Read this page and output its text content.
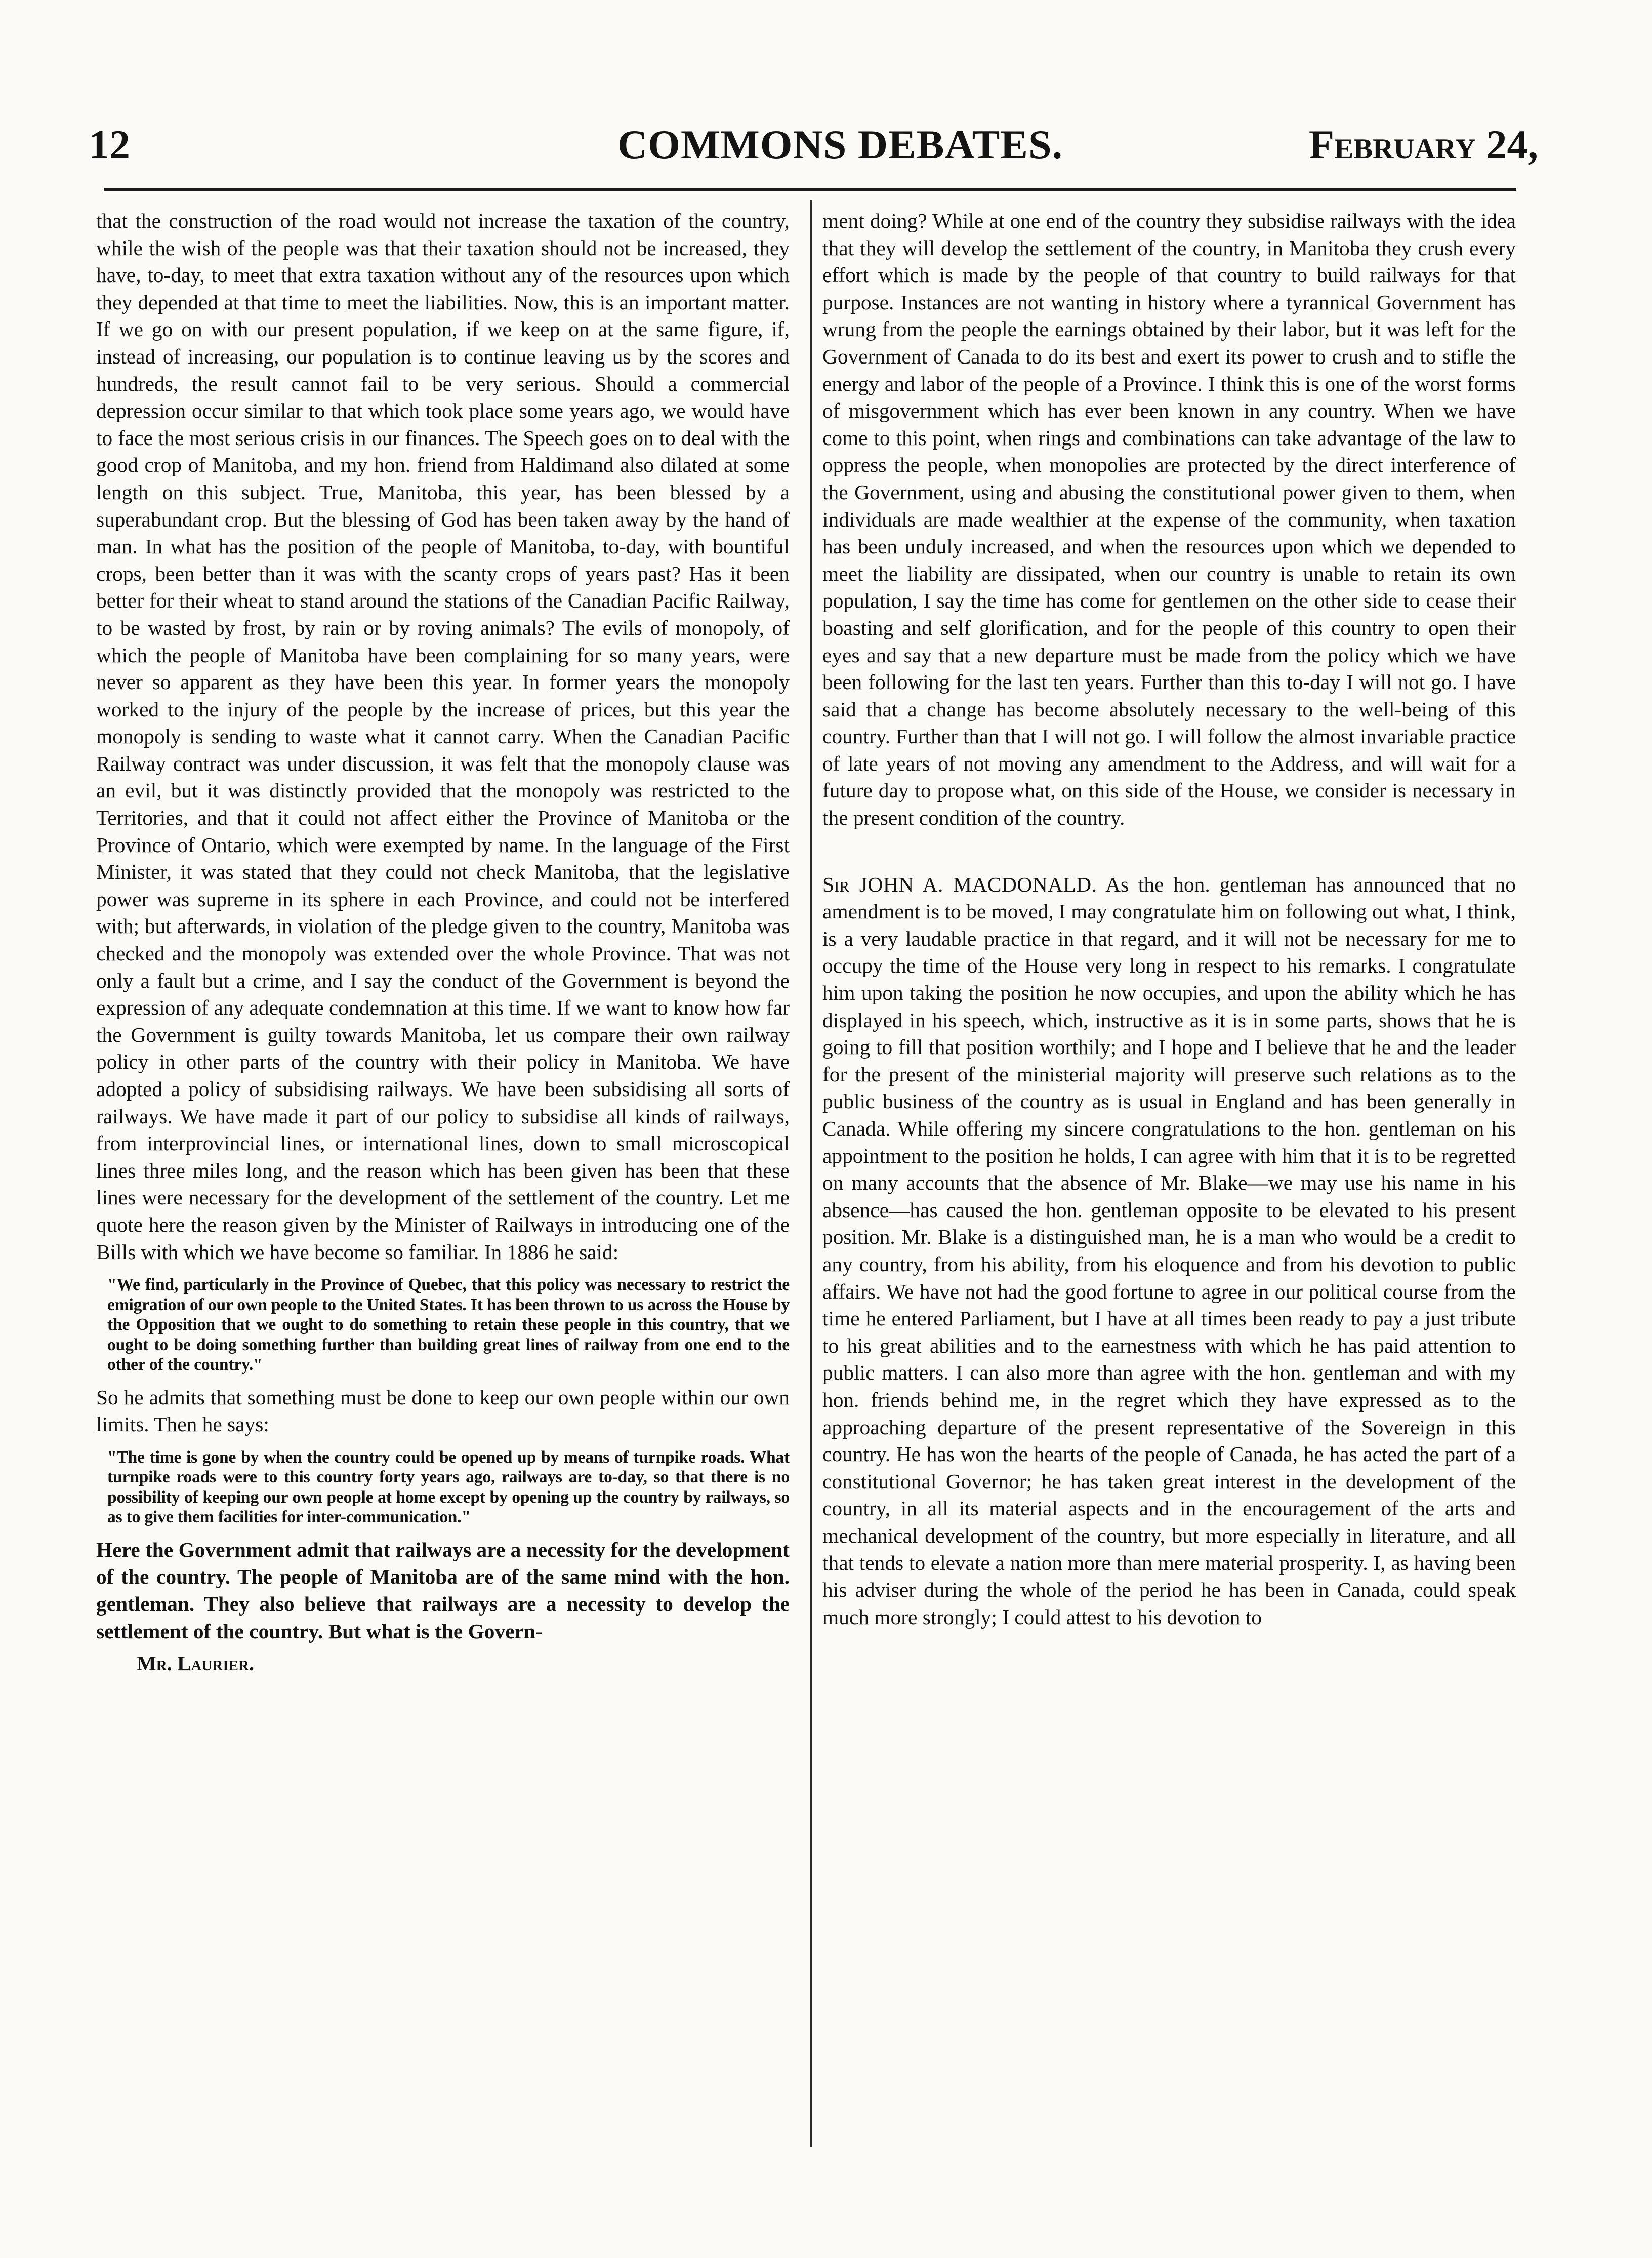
12	COMMONS DEBATES.	February 24,

that the construction of the road would not increase the taxation of the country, while the wish of the people was that their taxation should not be increased, they have, to-day, to meet that extra taxation without any of the resources upon which they depended at that time to meet the liabilities. Now, this is an important matter. If we go on with our present population, if we keep on at the same figure, if, instead of increasing, our population is to continue leaving us by the scores and hundreds, the result cannot fail to be very serious. Should a commercial depression occur similar to that which took place some years ago, we would have to face the most serious crisis in our finances. The Speech goes on to deal with the good crop of Manitoba, and my hon. friend from Haldimand also dilated at some length on this subject. True, Manitoba, this year, has been blessed by a superabundant crop. But the blessing of God has been taken away by the hand of man. In what has the position of the people of Manitoba, to-day, with bountiful crops, been better than it was with the scanty crops of years past? Has it been better for their wheat to stand around the stations of the Canadian Pacific Railway, to be wasted by frost, by rain or by roving animals? The evils of monopoly, of which the people of Manitoba have been complaining for so many years, were never so apparent as they have been this year. In former years the monopoly worked to the injury of the people by the increase of prices, but this year the monopoly is sending to waste what it cannot carry. When the Canadian Pacific Railway contract was under discussion, it was felt that the monopoly clause was an evil, but it was distinctly provided that the monopoly was restricted to the Territories, and that it could not affect either the Province of Manitoba or the Province of Ontario, which were exempted by name. In the language of the First Minister, it was stated that they could not check Manitoba, that the legislative power was supreme in its sphere in each Province, and could not be interfered with; but afterwards, in violation of the pledge given to the country, Manitoba was checked and the monopoly was extended over the whole Province. That was not only a fault but a crime, and I say the conduct of the Government is beyond the expression of any adequate condemnation at this time. If we want to know how far the Government is guilty towards Manitoba, let us compare their own railway policy in other parts of the country with their policy in Manitoba. We have adopted a policy of subsidising railways. We have been subsidising all sorts of railways. We have made it part of our policy to subsidise all kinds of railways, from interprovincial lines, or international lines, down to small microscopical lines three miles long, and the reason which has been given has been that these lines were necessary for the development of the settlement of the country. Let me quote here the reason given by the Minister of Railways in introducing one of the Bills with which we have become so familiar. In 1886 he said:

"We find, particularly in the Province of Quebec, that this policy was necessary to restrict the emigration of our own people to the United States. It has been thrown to us across the House by the Opposition that we ought to do something to retain these people in this country, that we ought to be doing something further than building great lines of railway from one end to the other of the country."

So he admits that something must be done to keep our own people within our own limits. Then he says:

"The time is gone by when the country could be opened up by means of turnpike roads. What turnpike roads were to this country forty years ago, railways are to-day, so that there is no possibility of keeping our own people at home except by opening up the country by railways, so as to give them facilities for inter-communication."

Here the Government admit that railways are a necessity for the development of the country. The people of Manitoba are of the same mind with the hon. gentleman. They also believe that railways are a necessity to develop the settlement of the country. But what is the Govern-

Mr. Laurier.

ment doing? While at one end of the country they subsidise railways with the idea that they will develop the settlement of the country, in Manitoba they crush every effort which is made by the people of that country to build railways for that purpose. Instances are not wanting in history where a tyrannical Government has wrung from the people the earnings obtained by their labor, but it was left for the Government of Canada to do its best and exert its power to crush and to stifle the energy and labor of the people of a Province. I think this is one of the worst forms of misgovernment which has ever been known in any country. When we have come to this point, when rings and combinations can take advantage of the law to oppress the people, when monopolies are protected by the direct interference of the Government, using and abusing the constitutional power given to them, when individuals are made wealthier at the expense of the community, when taxation has been unduly increased, and when the resources upon which we depended to meet the liability are dissipated, when our country is unable to retain its own population, I say the time has come for gentlemen on the other side to cease their boasting and self glorification, and for the people of this country to open their eyes and say that a new departure must be made from the policy which we have been following for the last ten years. Further than this to-day I will not go. I have said that a change has become absolutely necessary to the well-being of this country. Further than that I will not go. I will follow the almost invariable practice of late years of not moving any amendment to the Address, and will wait for a future day to propose what, on this side of the House, we consider is necessary in the present condition of the country.

Sir JOHN A. MACDONALD. As the hon. gentleman has announced that no amendment is to be moved, I may congratulate him on following out what, I think, is a very laudable practice in that regard, and it will not be necessary for me to occupy the time of the House very long in respect to his remarks. I congratulate him upon taking the position he now occupies, and upon the ability which he has displayed in his speech, which, instructive as it is in some parts, shows that he is going to fill that position worthily; and I hope and I believe that he and the leader for the present of the ministerial majority will preserve such relations as to the public business of the country as is usual in England and has been generally in Canada. While offering my sincere congratulations to the hon. gentleman on his appointment to the position he holds, I can agree with him that it is to be regretted on many accounts that the absence of Mr. Blake—we may use his name in his absence—has caused the hon. gentleman opposite to be elevated to his present position. Mr. Blake is a distinguished man, he is a man who would be a credit to any country, from his ability, from his eloquence and from his devotion to public affairs. We have not had the good fortune to agree in our political course from the time he entered Parliament, but I have at all times been ready to pay a just tribute to his great abilities and to the earnestness with which he has paid attention to public matters. I can also more than agree with the hon. gentleman and with my hon. friends behind me, in the regret which they have expressed as to the approaching departure of the present representative of the Sovereign in this country. He has won the hearts of the people of Canada, he has acted the part of a constitutional Governor; he has taken great interest in the development of the country, in all its material aspects and in the encouragement of the arts and mechanical development of the country, but more especially in literature, and all that tends to elevate a nation more than mere material prosperity. I, as having been his adviser during the whole of the period he has been in Canada, could speak much more strongly; I could attest to his devotion to
